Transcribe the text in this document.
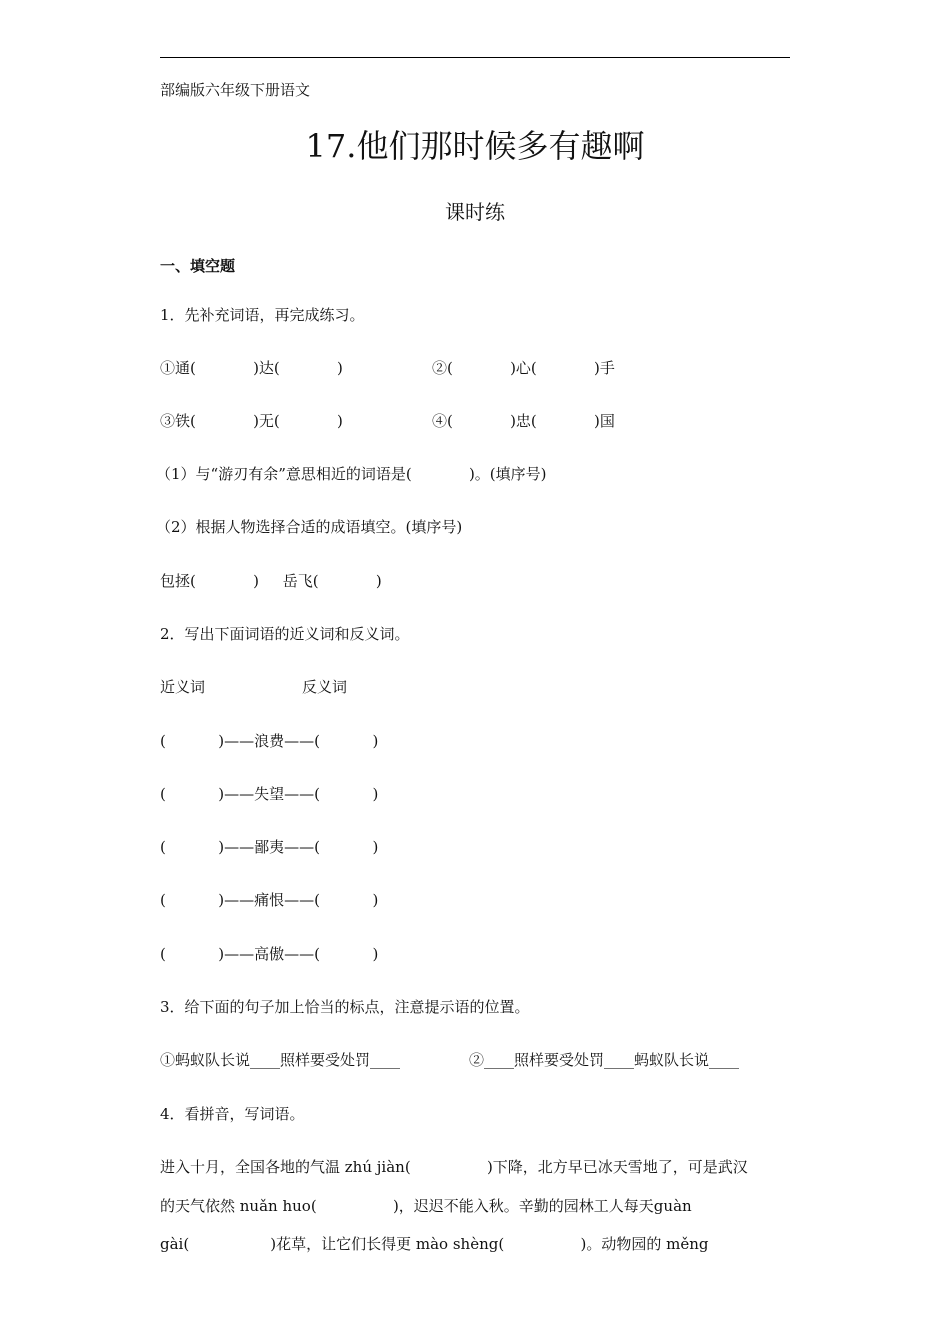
部编版六年级下册语文
17.他们那时候多有趣啊
课时练
一、填空题
1．先补充词语，再完成练习。
①通(            )达(            )	②(            )心(            )手
③铁(            )无(            )	④(            )忠(            )国
（1）与“游刃有余”意思相近的词语是(            )。(填序号)
（2）根据人物选择合适的成语填空。(填序号)
包拯(            )     岳飞(            )
2．写出下面词语的近义词和反义词。
近义词	反义词
(           )——浪费——(           )
(           )——失望——(           )
(           )——鄙夷——(           )
(           )——痛恨——(           )
(           )——高傲——(           )
3．给下面的句子加上恰当的标点，注意提示语的位置。
①蚂蚁队长说____照样要受处罚____	②____照样要受处罚____蚂蚁队长说____
4．看拼音，写词语。
进入十月，全国各地的气温 zhú jiàn(                )下降，北方早已冰天雪地了，可是武汉
的天气依然 nuǎn huo(                )，迟迟不能入秋。辛勤的园林工人每天guàn
gài(                 )花草，让它们长得更 mào shèng(                )。动物园的 měng
